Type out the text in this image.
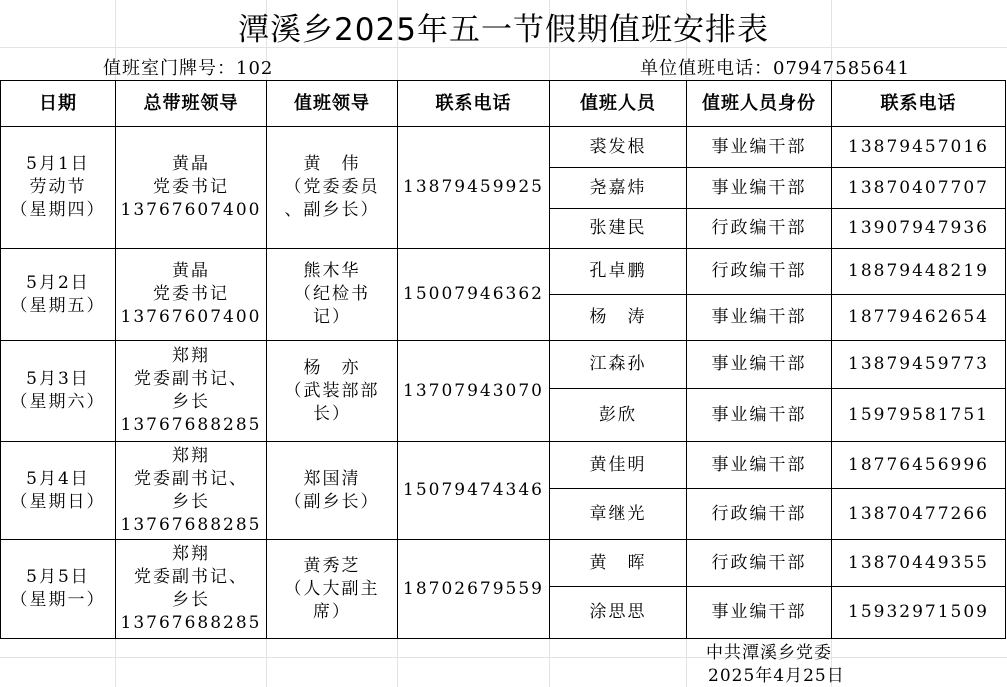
潭溪乡2025年五一节假期值班安排表
值班室门牌号：102	单位值班电话：07947585641
日期	总带班领导	值班领导	联系电话	值班人员	值班人员身份	联系电话
5月1日
劳动节
（星期四）	黄晶
党委书记
13767607400	黄　伟
（党委委员
、副乡长）	13879459925	裘发根	事业编干部	13879457016
				尧嘉炜	事业编干部	13870407707
				张建民	行政编干部	13907947936
5月2日
（星期五）	黄晶
党委书记
13767607400	熊木华
（纪检书
记）	15007946362	孔卓鹏	行政编干部	18879448219
				杨　涛	事业编干部	18779462654
5月3日
（星期六）	郑翔
党委副书记、
乡长
13767688285	杨　亦
（武装部部
长）	13707943070	江森孙	事业编干部	13879459773
				彭欣	事业编干部	15979581751
5月4日
（星期日）	郑翔
党委副书记、
乡长
13767688285	郑国清
（副乡长）	15079474346	黄佳明	事业编干部	18776456996
				章继光	行政编干部	13870477266
5月5日
（星期一）	郑翔
党委副书记、
乡长
13767688285	黄秀芝
（人大副主
席）	18702679559	黄　晖	行政编干部	13870449355
				涂思思	事业编干部	15932971509
中共潭溪乡党委
2025年4月25日
